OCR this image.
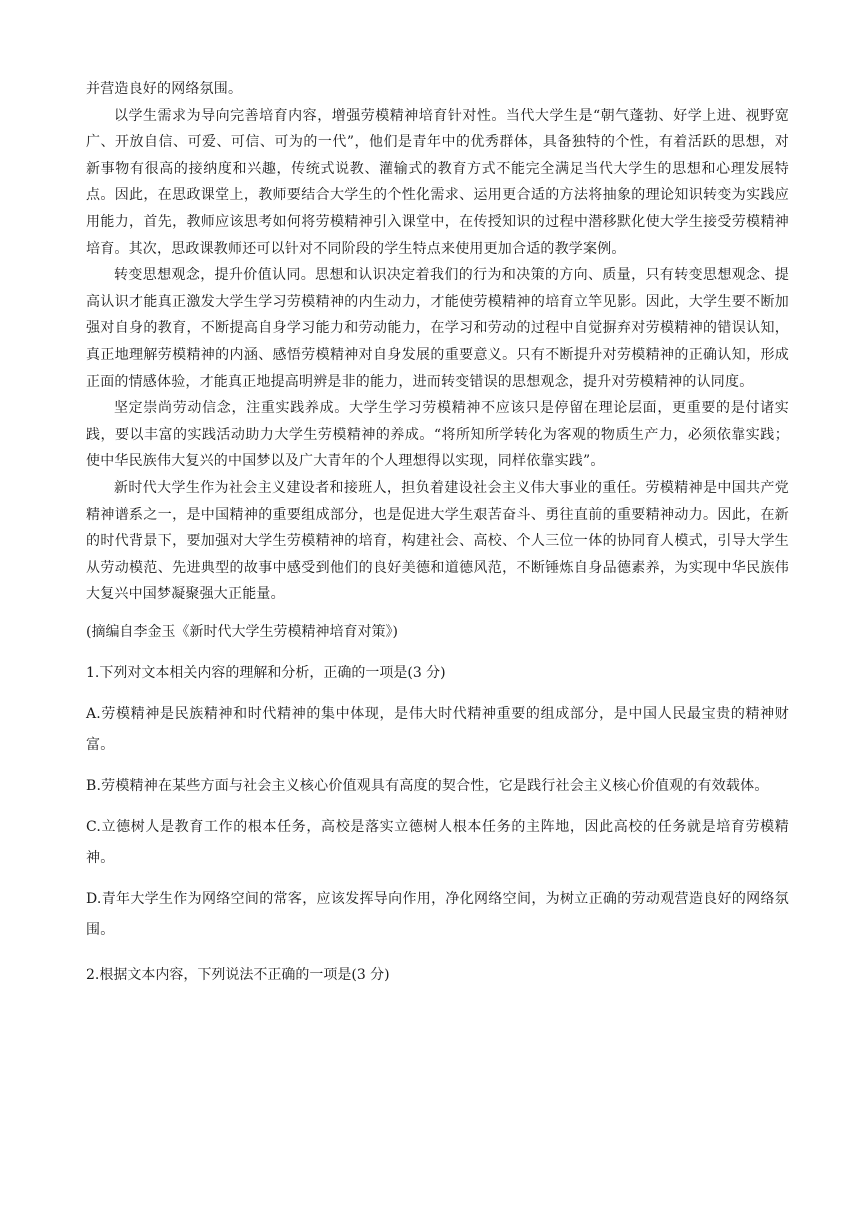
并营造良好的网络氛围。

以学生需求为导向完善培育内容，增强劳模精神培育针对性。当代大学生是“朝气蓬勃、好学上进、视野宽广、开放自信、可爱、可信、可为的一代”，他们是青年中的优秀群体，具备独特的个性，有着活跃的思想，对新事物有很高的接纳度和兴趣，传统式说教、灌输式的教育方式不能完全满足当代大学生的思想和心理发展特点。因此，在思政课堂上，教师要结合大学生的个性化需求、运用更合适的方法将抽象的理论知识转变为实践应用能力，首先，教师应该思考如何将劳模精神引入课堂中，在传授知识的过程中潜移默化使大学生接受劳模精神培育。其次，思政课教师还可以针对不同阶段的学生特点来使用更加合适的教学案例。

转变思想观念，提升价值认同。思想和认识决定着我们的行为和决策的方向、质量，只有转变思想观念、提高认识才能真正激发大学生学习劳模精神的内生动力，才能使劳模精神的培育立竿见影。因此，大学生要不断加强对自身的教育，不断提高自身学习能力和劳动能力，在学习和劳动的过程中自觉摒弃对劳模精神的错误认知，真正地理解劳模精神的内涵、感悟劳模精神对自身发展的重要意义。只有不断提升对劳模精神的正确认知，形成正面的情感体验，才能真正地提高明辨是非的能力，进而转变错误的思想观念，提升对劳模精神的认同度。

坚定崇尚劳动信念，注重实践养成。大学生学习劳模精神不应该只是停留在理论层面，更重要的是付诸实践，要以丰富的实践活动助力大学生劳模精神的养成。“将所知所学转化为客观的物质生产力，必须依靠实践；使中华民族伟大复兴的中国梦以及广大青年的个人理想得以实现，同样依靠实践”。

新时代大学生作为社会主义建设者和接班人，担负着建设社会主义伟大事业的重任。劳模精神是中国共产党精神谱系之一，是中国精神的重要组成部分，也是促进大学生艰苦奋斗、勇往直前的重要精神动力。因此，在新的时代背景下，要加强对大学生劳模精神的培育，构建社会、高校、个人三位一体的协同育人模式，引导大学生从劳动模范、先进典型的故事中感受到他们的良好美德和道德风范，不断锤炼自身品德素养，为实现中华民族伟大复兴中国梦凝聚强大正能量。

(摘编自李金玉《新时代大学生劳模精神培育对策》)

1.下列对文本相关内容的理解和分析，正确的一项是(3 分)

A.劳模精神是民族精神和时代精神的集中体现，是伟大时代精神重要的组成部分，是中国人民最宝贵的精神财富。

B.劳模精神在某些方面与社会主义核心价值观具有高度的契合性，它是践行社会主义核心价值观的有效载体。

C.立德树人是教育工作的根本任务，高校是落实立德树人根本任务的主阵地，因此高校的任务就是培育劳模精神。

D.青年大学生作为网络空间的常客，应该发挥导向作用，净化网络空间，为树立正确的劳动观营造良好的网络氛围。

2.根据文本内容，下列说法不正确的一项是(3 分)
